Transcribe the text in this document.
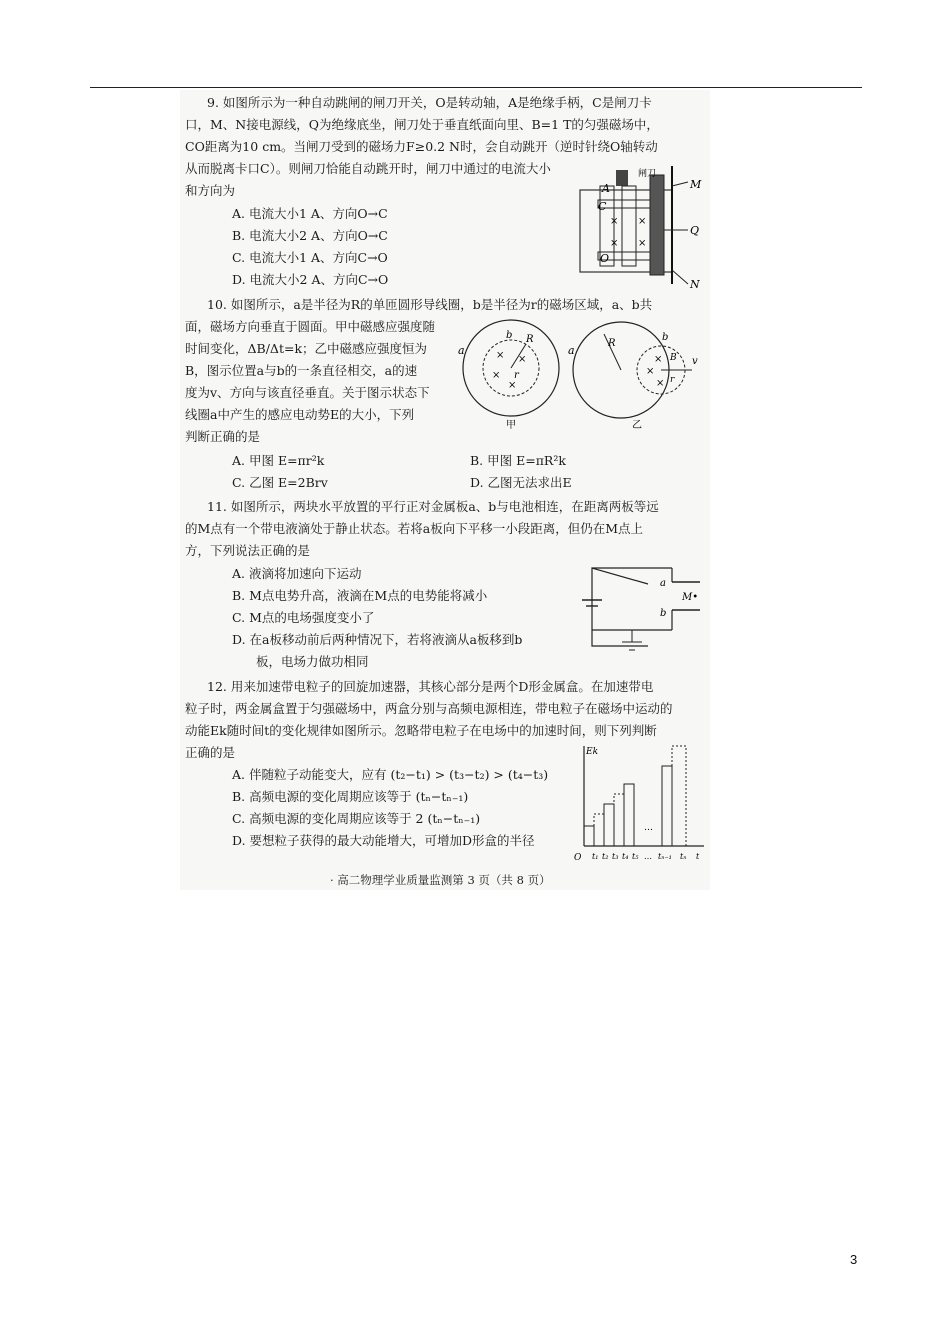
9. 如图所示为一种自动跳闸的闸刀开关，O是转动轴，A是绝缘手柄，C是闸刀卡
口，M、N接电源线，Q为绝缘底坐，闸刀处于垂直纸面向里、B=1 T的匀强磁场中，
CO距离为10 cm。当闸刀受到的磁场力F≥0.2 N时，会自动跳开（逆时针绕O轴转动
从而脱离卡口C）。则闸刀恰能自动跳开时，闸刀中通过的电流大小
和方向为
A. 电流大小1 A、方向O→C
B. 电流大小2 A、方向O→C
C. 电流大小1 A、方向C→O
D. 电流大小2 A、方向C→O
A
C
O
闸刀
M
Q
N
× ×
× ×
10. 如图所示，a是半径为R的单匝圆形导线圈，b是半径为r的磁场区域，a、b共
面，磁场方向垂直于圆面。甲中磁感应强度随
时间变化，ΔB/Δt=k；乙中磁感应强度恒为
B，图示位置a与b的一条直径相交，a的速
度为v、方向与该直径垂直。关于图示状态下
线圈a中产生的感应电动势E的大小，下列
判断正确的是
A. 甲图 E=πr²k	B. 甲图 E=πR²k
C. 乙图 E=2Brv	D. 乙图无法求出E
a
b R
r
× ×
×
×
甲
a
R
b
B v
r
×
×
×
乙
11. 如图所示，两块水平放置的平行正对金属板a、b与电池相连，在距离两板等远
的M点有一个带电液滴处于静止状态。若将a板向下平移一小段距离，但仍在M点上
方，下列说法正确的是
A. 液滴将加速向下运动
B. M点电势升高，液滴在M点的电势能将减小
C. M点的电场强度变小了
D. 在a板移动前后两种情况下，若将液滴从a板移到b
板，电场力做功相同
a
b
M•
12. 用来加速带电粒子的回旋加速器，其核心部分是两个D形金属盒。在加速带电
粒子时，两金属盒置于匀强磁场中，两盒分别与高频电源相连，带电粒子在磁场中运动的
动能Ek随时间t的变化规律如图所示。忽略带电粒子在电场中的加速时间，则下列判断
正确的是
A. 伴随粒子动能变大，应有 (t₂−t₁) > (t₃−t₂) > (t₄−t₃)
B. 高频电源的变化周期应该等于 (tₙ−tₙ₋₁)
C. 高频电源的变化周期应该等于 2 (tₙ−tₙ₋₁)
D. 要想粒子获得的最大动能增大，可增加D形盒的半径
Ek
O
…
t₁ t₂ t₃ t₄ t₅ … tₙ₋₁ tₙ t
· 高二物理学业质量监测第 3 页（共 8 页）
3
